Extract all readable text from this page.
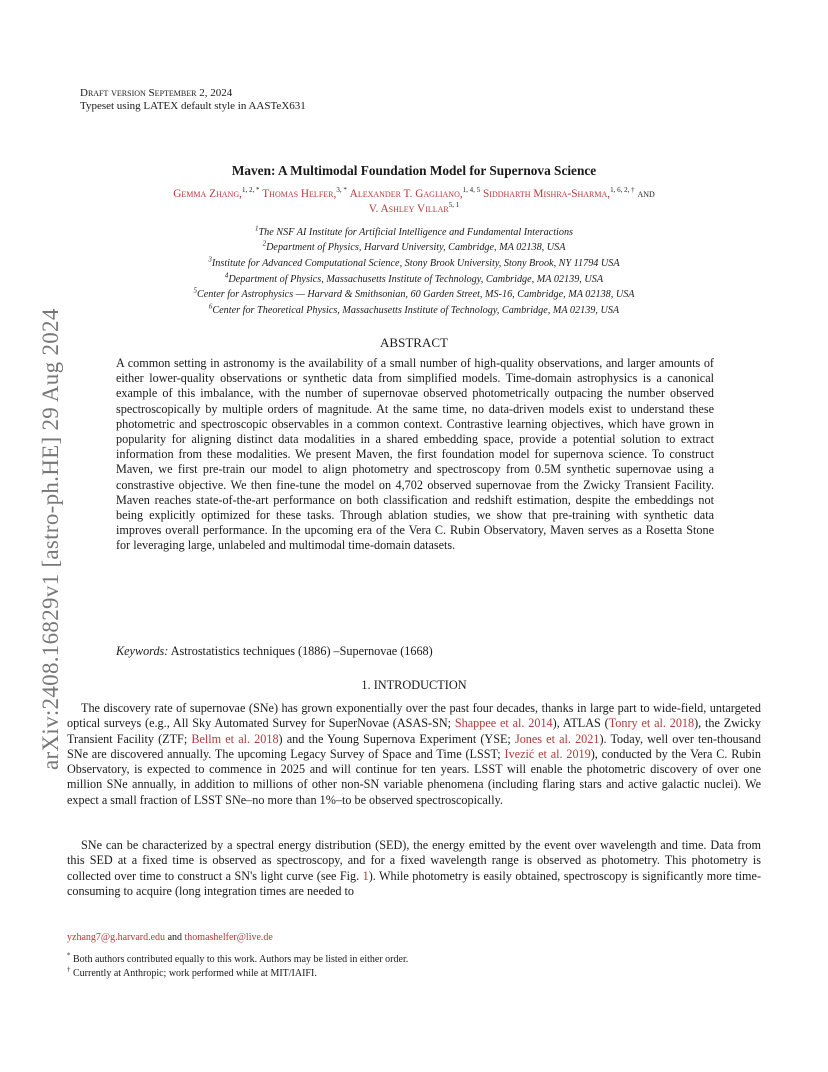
arXiv:2408.16829v1 [astro-ph.HE] 29 Aug 2024
Draft version September 2, 2024
Typeset using LATEX default style in AASTeX631
Maven: A Multimodal Foundation Model for Supernova Science
Gemma Zhang,$^{1, 2, *}$ Thomas Helfer,$^{3, *}$ Alexander T. Gagliano,$^{1, 4, 5}$ Siddharth Mishra-Sharma,$^{1, 6, 2, \dagger}$ and
V. Ashley Villar$^{5, 1}$
$^1$The NSF AI Institute for Artificial Intelligence and Fundamental Interactions
$^2$Department of Physics, Harvard University, Cambridge, MA 02138, USA
$^3$Institute for Advanced Computational Science, Stony Brook University, Stony Brook, NY 11794 USA
$^4$Department of Physics, Massachusetts Institute of Technology, Cambridge, MA 02139, USA
$^5$Center for Astrophysics — Harvard & Smithsonian, 60 Garden Street, MS-16, Cambridge, MA 02138, USA
$^6$Center for Theoretical Physics, Massachusetts Institute of Technology, Cambridge, MA 02139, USA
ABSTRACT
A common setting in astronomy is the availability of a small number of high-quality observations, and larger amounts of either lower-quality observations or synthetic data from simplified models. Time-domain astrophysics is a canonical example of this imbalance, with the number of supernovae observed photometrically outpacing the number observed spectroscopically by multiple orders of magnitude. At the same time, no data-driven models exist to understand these photometric and spectroscopic observables in a common context. Contrastive learning objectives, which have grown in popularity for aligning distinct data modalities in a shared embedding space, provide a potential solution to extract information from these modalities. We present Maven, the first foundation model for supernova science. To construct Maven, we first pre-train our model to align photometry and spectroscopy from 0.5M synthetic supernovae using a constrastive objective. We then fine-tune the model on 4,702 observed supernovae from the Zwicky Transient Facility. Maven reaches state-of-the-art performance on both classification and redshift estimation, despite the embeddings not being explicitly optimized for these tasks. Through ablation studies, we show that pre-training with synthetic data improves overall performance. In the upcoming era of the Vera C. Rubin Observatory, Maven serves as a Rosetta Stone for leveraging large, unlabeled and multimodal time-domain datasets.
Keywords: Astrostatistics techniques (1886) –Supernovae (1668)
1. INTRODUCTION
The discovery rate of supernovae (SNe) has grown exponentially over the past four decades, thanks in large part to wide-field, untargeted optical surveys (e.g., All Sky Automated Survey for SuperNovae (ASAS-SN; Shappee et al. 2014), ATLAS (Tonry et al. 2018), the Zwicky Transient Facility (ZTF; Bellm et al. 2018) and the Young Supernova Experiment (YSE; Jones et al. 2021). Today, well over ten-thousand SNe are discovered annually. The upcoming Legacy Survey of Space and Time (LSST; Ivezić et al. 2019), conducted by the Vera C. Rubin Observatory, is expected to commence in 2025 and will continue for ten years. LSST will enable the photometric discovery of over one million SNe annually, in addition to millions of other non-SN variable phenomena (including flaring stars and active galactic nuclei). We expect a small fraction of LSST SNe–no more than 1%–to be observed spectroscopically.
SNe can be characterized by a spectral energy distribution (SED), the energy emitted by the event over wavelength and time. Data from this SED at a fixed time is observed as spectroscopy, and for a fixed wavelength range is observed as photometry. This photometry is collected over time to construct a SN's light curve (see Fig. 1). While photometry is easily obtained, spectroscopy is significantly more time-consuming to acquire (long integration times are needed to
yzhang7@g.harvard.edu and thomashelfer@live.de
* Both authors contributed equally to this work. Authors may be listed in either order.
† Currently at Anthropic; work performed while at MIT/IAIFI.
